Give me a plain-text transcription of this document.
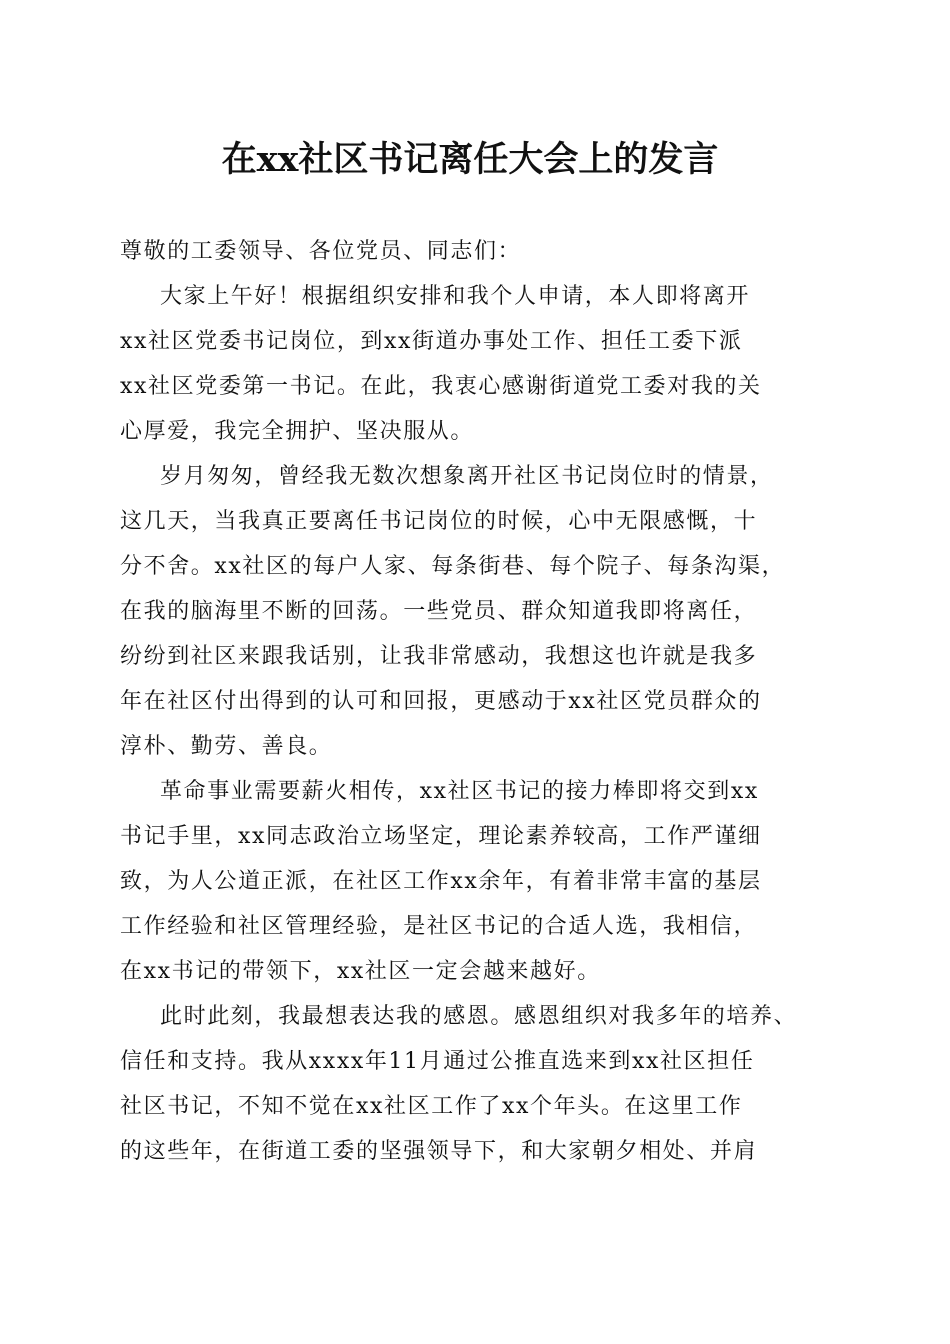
在xx社区书记离任大会上的发言

尊敬的工委领导、各位党员、同志们：

大家上午好！根据组织安排和我个人申请，本人即将离开

xx社区党委书记岗位，到xx街道办事处工作、担任工委下派

xx社区党委第一书记。在此，我衷心感谢街道党工委对我的关

心厚爱，我完全拥护、坚决服从。

岁月匆匆，曾经我无数次想象离开社区书记岗位时的情景，

这几天，当我真正要离任书记岗位的时候，心中无限感慨，十

分不舍。xx社区的每户人家、每条街巷、每个院子、每条沟渠，

在我的脑海里不断的回荡。一些党员、群众知道我即将离任，

纷纷到社区来跟我话别，让我非常感动，我想这也许就是我多

年在社区付出得到的认可和回报，更感动于xx社区党员群众的

淳朴、勤劳、善良。

革命事业需要薪火相传，xx社区书记的接力棒即将交到xx

书记手里，xx同志政治立场坚定，理论素养较高，工作严谨细

致，为人公道正派，在社区工作xx余年，有着非常丰富的基层

工作经验和社区管理经验，是社区书记的合适人选，我相信，

在xx书记的带领下，xx社区一定会越来越好。

此时此刻，我最想表达我的感恩。感恩组织对我多年的培养、

信任和支持。我从xxxx年11月通过公推直选来到xx社区担任

社区书记，不知不觉在xx社区工作了xx个年头。在这里工作

的这些年，在街道工委的坚强领导下，和大家朝夕相处、并肩
